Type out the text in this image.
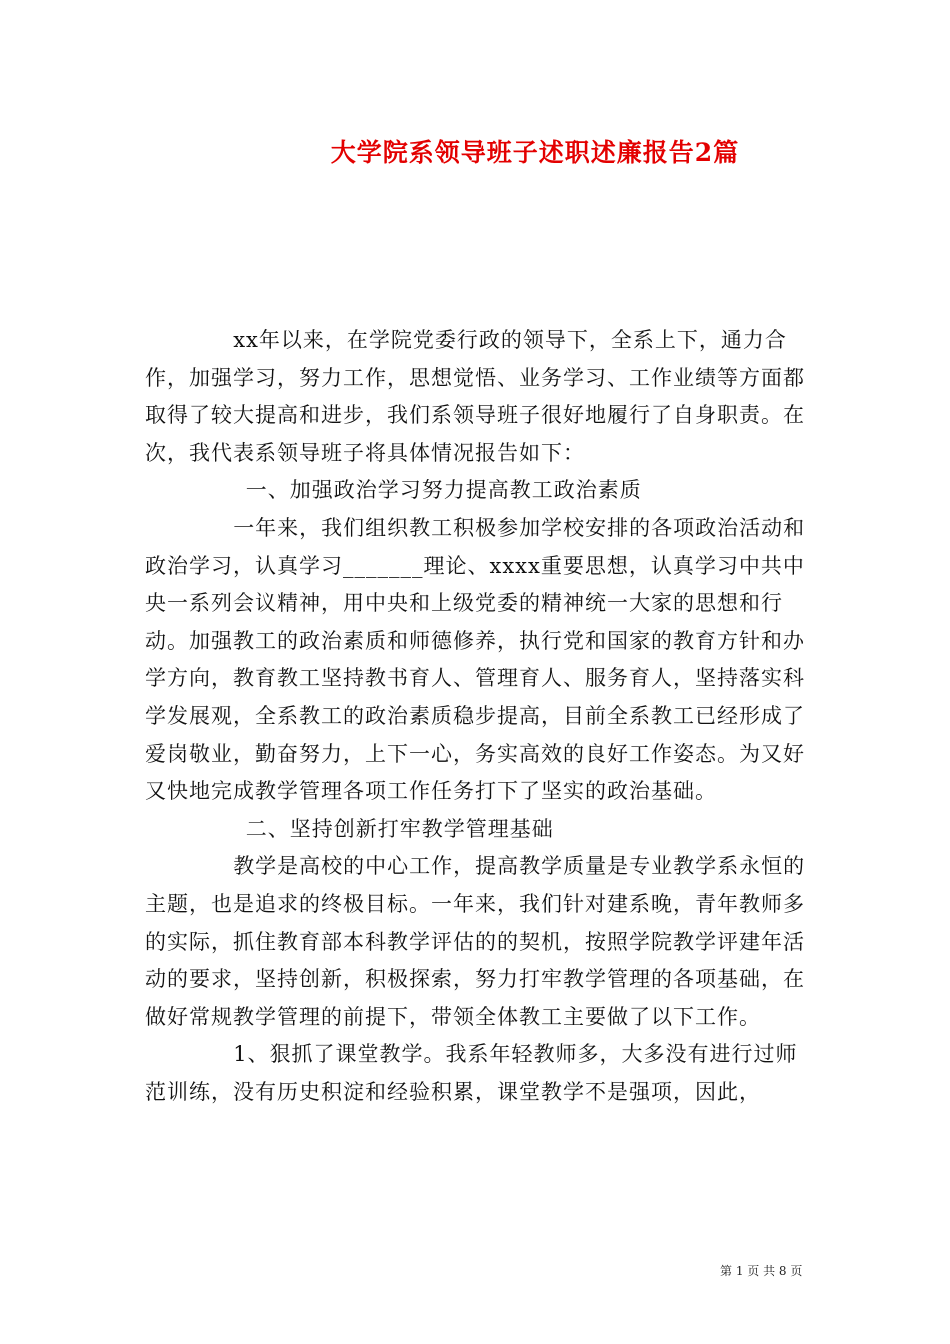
大学院系领导班子述职述廉报告2篇

xx年以来，在学院党委行政的领导下，全系上下，通力合作，加强学习，努力工作，思想觉悟、业务学习、工作业绩等方面都取得了较大提高和进步，我们系领导班子很好地履行了自身职责。在次，我代表系领导班子将具体情况报告如下：

一、加强政治学习努力提高教工政治素质

一年来，我们组织教工积极参加学校安排的各项政治活动和政治学习，认真学习_______理论、xxxx重要思想，认真学习中共中央一系列会议精神，用中央和上级党委的精神统一大家的思想和行动。加强教工的政治素质和师德修养，执行党和国家的教育方针和办学方向，教育教工坚持教书育人、管理育人、服务育人，坚持落实科学发展观，全系教工的政治素质稳步提高，目前全系教工已经形成了爱岗敬业，勤奋努力，上下一心，务实高效的良好工作姿态。为又好又快地完成教学管理各项工作任务打下了坚实的政治基础。

二、坚持创新打牢教学管理基础

教学是高校的中心工作，提高教学质量是专业教学系永恒的主题，也是追求的终极目标。一年来，我们针对建系晚，青年教师多的实际，抓住教育部本科教学评估的的契机，按照学院教学评建年活动的要求，坚持创新，积极探索，努力打牢教学管理的各项基础，在做好常规教学管理的前提下，带领全体教工主要做了以下工作。

1、狠抓了课堂教学。我系年轻教师多，大多没有进行过师范训练，没有历史积淀和经验积累，课堂教学不是强项，因此，

第 1 页 共 8 页
